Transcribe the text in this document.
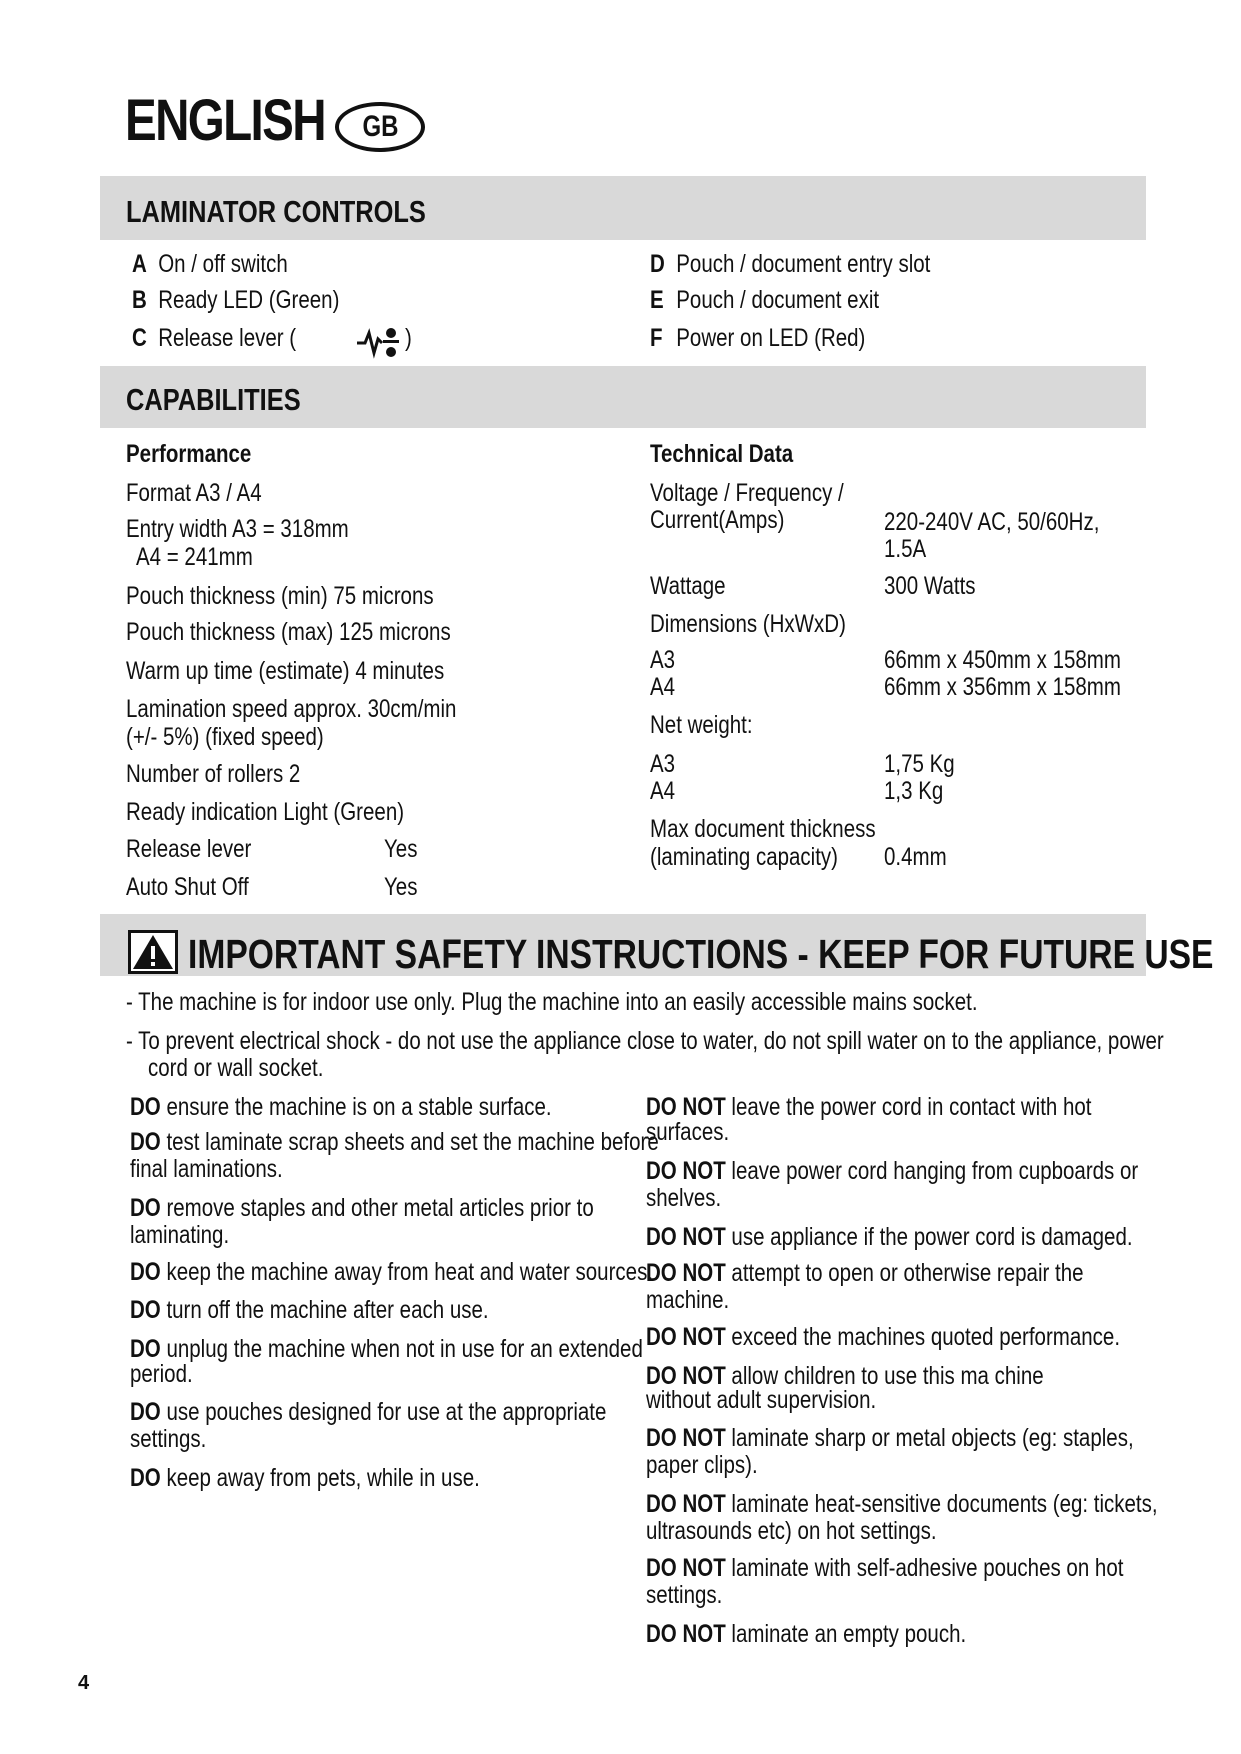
ENGLISH	GB
LAMINATOR CONTROLS
A On / off switch
B Ready LED (Green)
C Release lever (	)
D Pouch / document entry slot
E Pouch / document exit
F Power on LED (Red)
CAPABILITIES
Performance
Format A3 / A4
Entry width A3 = 318mm
A4 = 241mm
Pouch thickness (min) 75 microns
Pouch thickness (max) 125 microns
Warm up time (estimate) 4 minutes
Lamination speed approx. 30cm/min
(+/- 5%) (fixed speed)
Number of rollers 2
Ready indication Light (Green)
Release lever	Yes
Auto Shut Off	Yes
Technical Data
Voltage / Frequency /
Current(Amps)	220-240V AC, 50/60Hz,
1.5A
Wattage	300 Watts
Dimensions (HxWxD)
A3	66mm x 450mm x 158mm
A4	66mm x 356mm x 158mm
Net weight:
A3	1,75 Kg
A4	1,3 Kg
Max document thickness
(laminating capacity) 0.4mm
IMPORTANT SAFETY INSTRUCTIONS - KEEP FOR FUTURE USE
- The machine is for indoor use only. Plug the machine into an easily accessible mains socket.
- To prevent electrical shock - do not use the appliance close to water, do not spill water on to the appliance, power
cord or wall socket.
DO ensure the machine is on a stable surface.
DO test laminate scrap sheets and set the machine before
final laminations.
DO remove staples and other metal articles prior to
laminating.
DO keep the machine away from heat and water sources.
DO turn off the machine after each use.
DO unplug the machine when not in use for an extended
period.
DO use pouches designed for use at the appropriate
settings.
DO keep away from pets, while in use.
DO NOT leave the power cord in contact with hot
surfaces.
DO NOT leave power cord hanging from cupboards or
shelves.
DO NOT use appliance if the power cord is damaged.
DO NOT attempt to open or otherwise repair the
machine.
DO NOT exceed the machines quoted performance.
DO NOT allow children to use this ma chine
without adult supervision.
DO NOT laminate sharp or metal objects (eg: staples,
paper clips).
DO NOT laminate heat-sensitive documents (eg: tickets,
ultrasounds etc) on hot settings.
DO NOT laminate with self-adhesive pouches on hot
settings.
DO NOT laminate an empty pouch.
4
